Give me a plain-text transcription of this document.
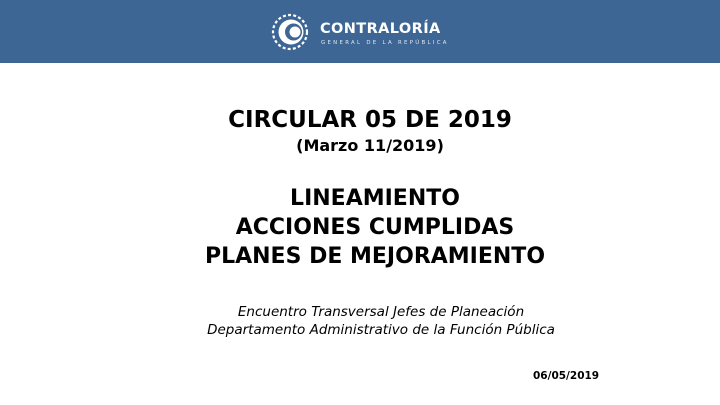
CONTRALORÍA
GENERAL DE LA REPÚBLICA
CIRCULAR 05 DE 2019
(Marzo 11/2019)
LINEAMIENTO
ACCIONES CUMPLIDAS
PLANES DE MEJORAMIENTO
Encuentro Transversal Jefes de Planeación
Departamento Administrativo de la Función Pública
06/05/2019
